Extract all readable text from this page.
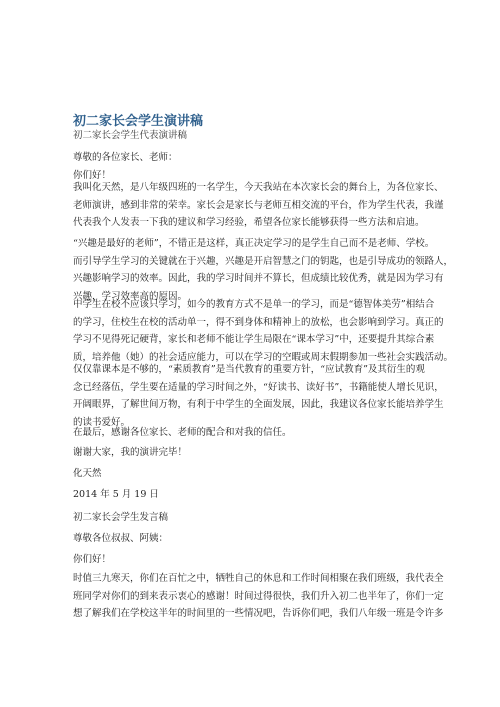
初二家长会学生演讲稿
初二家长会学生代表演讲稿
尊敬的各位家长、老师：
你们好！
我叫化天然，是八年级四班的一名学生，今天我站在本次家长会的舞台上，为各位家长、
老师演讲，感到非常的荣幸。家长会是家长与老师互相交流的平台，作为学生代表，我谨
代表我个人发表一下我的建议和学习经验，希望各位家长能够获得一些方法和启迪。
“兴趣是最好的老师”，不错正是这样，真正决定学习的是学生自己而不是老师、学校。
而引导学生学习的关键就在于兴趣，兴趣是开启智慧之门的钥匙，也是引导成功的领路人，
兴趣影响学习的效率。因此，我的学习时间并不算长，但成绩比较优秀，就是因为学习有
兴趣，学习效率高的原因。
中学生在校不应该只学习，如今的教育方式不是单一的学习，而是“德智体美劳”相结合
的学习，住校生在校的活动单一，得不到身体和精神上的放松，也会影响到学习。真正的
学习不见得死记硬背，家长和老师不能让学生局限在“课本学习”中，还要提升其综合素
质，培养他（她）的社会适应能力，可以在学习的空暇或周末假期参加一些社会实践活动。
仅仅靠课本是不够的，“素质教育”是当代教育的重要方针，“应试教育”及其衍生的观
念已经落伍，学生要在适量的学习时间之外，“好读书、读好书”，书籍能使人增长见识，
开阔眼界，了解世间万物，有利于中学生的全面发展，因此，我建议各位家长能培养学生
的读书爱好。
在最后，感谢各位家长、老师的配合和对我的信任。
谢谢大家，我的演讲完毕！
化天然
2014 年 5 月 19 日
初二家长会学生发言稿
尊敬各位叔叔、阿姨：
你们好！
时值三九寒天，你们在百忙之中，牺牲自己的休息和工作时间相聚在我们班级，我代表全
班同学对你们的到来表示衷心的感谢！时间过得很快，我们升入初二也半年了，你们一定
想了解我们在学校这半年的时间里的一些情况吧，告诉你们吧，我们八年级一班是令许多
